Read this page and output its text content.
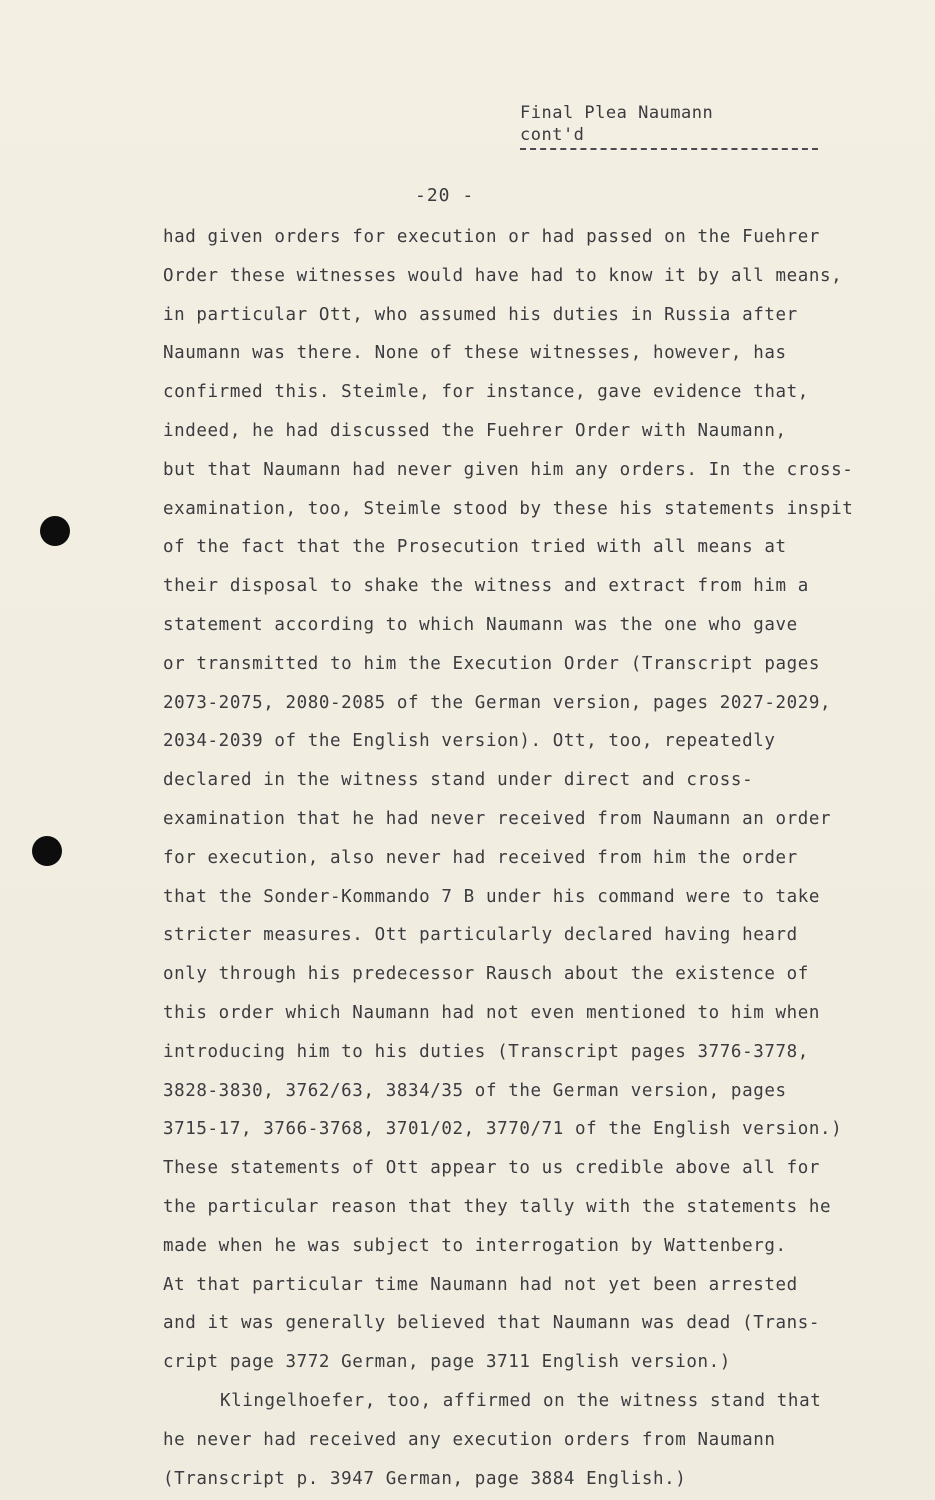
Final Plea Naumann
cont'd
-20 -
had given orders for execution or had passed on the Fuehrer
Order these witnesses would have had to know it by all means,
in particular Ott, who assumed his duties in Russia after
Naumann was there. None of these witnesses, however, has
confirmed this. Steimle, for instance, gave evidence that,
indeed, he had discussed the Fuehrer Order with Naumann,
but that Naumann had never given him any orders. In the cross-
examination, too, Steimle stood by these his statements inspit
of the fact that the Prosecution tried with all means at
their disposal to shake the witness and extract from him a
statement according to which Naumann was the one who gave
or transmitted to him the Execution Order (Transcript pages
2073-2075, 2080-2085 of the German version, pages 2027-2029,
2034-2039 of the English version). Ott, too, repeatedly
declared in the witness stand under direct and cross-
examination that he had never received from Naumann an order
for execution, also never had received from him the order
that the Sonder-Kommando 7 B under his command were to take
stricter measures. Ott particularly declared having heard
only through his predecessor Rausch about the existence of
this order which Naumann had not even mentioned to him when
introducing him to his duties (Transcript pages 3776-3778,
3828-3830, 3762/63, 3834/35 of the German version, pages
3715-17, 3766-3768, 3701/02, 3770/71 of the English version.)
These statements of Ott appear to us credible above all for
the particular reason that they tally with the statements he
made when he was subject to interrogation by Wattenberg.
At that particular time Naumann had not yet been arrested
and it was generally believed that Naumann was dead (Trans-
cript page 3772 German, page 3711 English version.)
Klingelhoefer, too, affirmed on the witness stand that
he never had received any execution orders from Naumann
(Transcript p. 3947 German, page 3884 English.)
